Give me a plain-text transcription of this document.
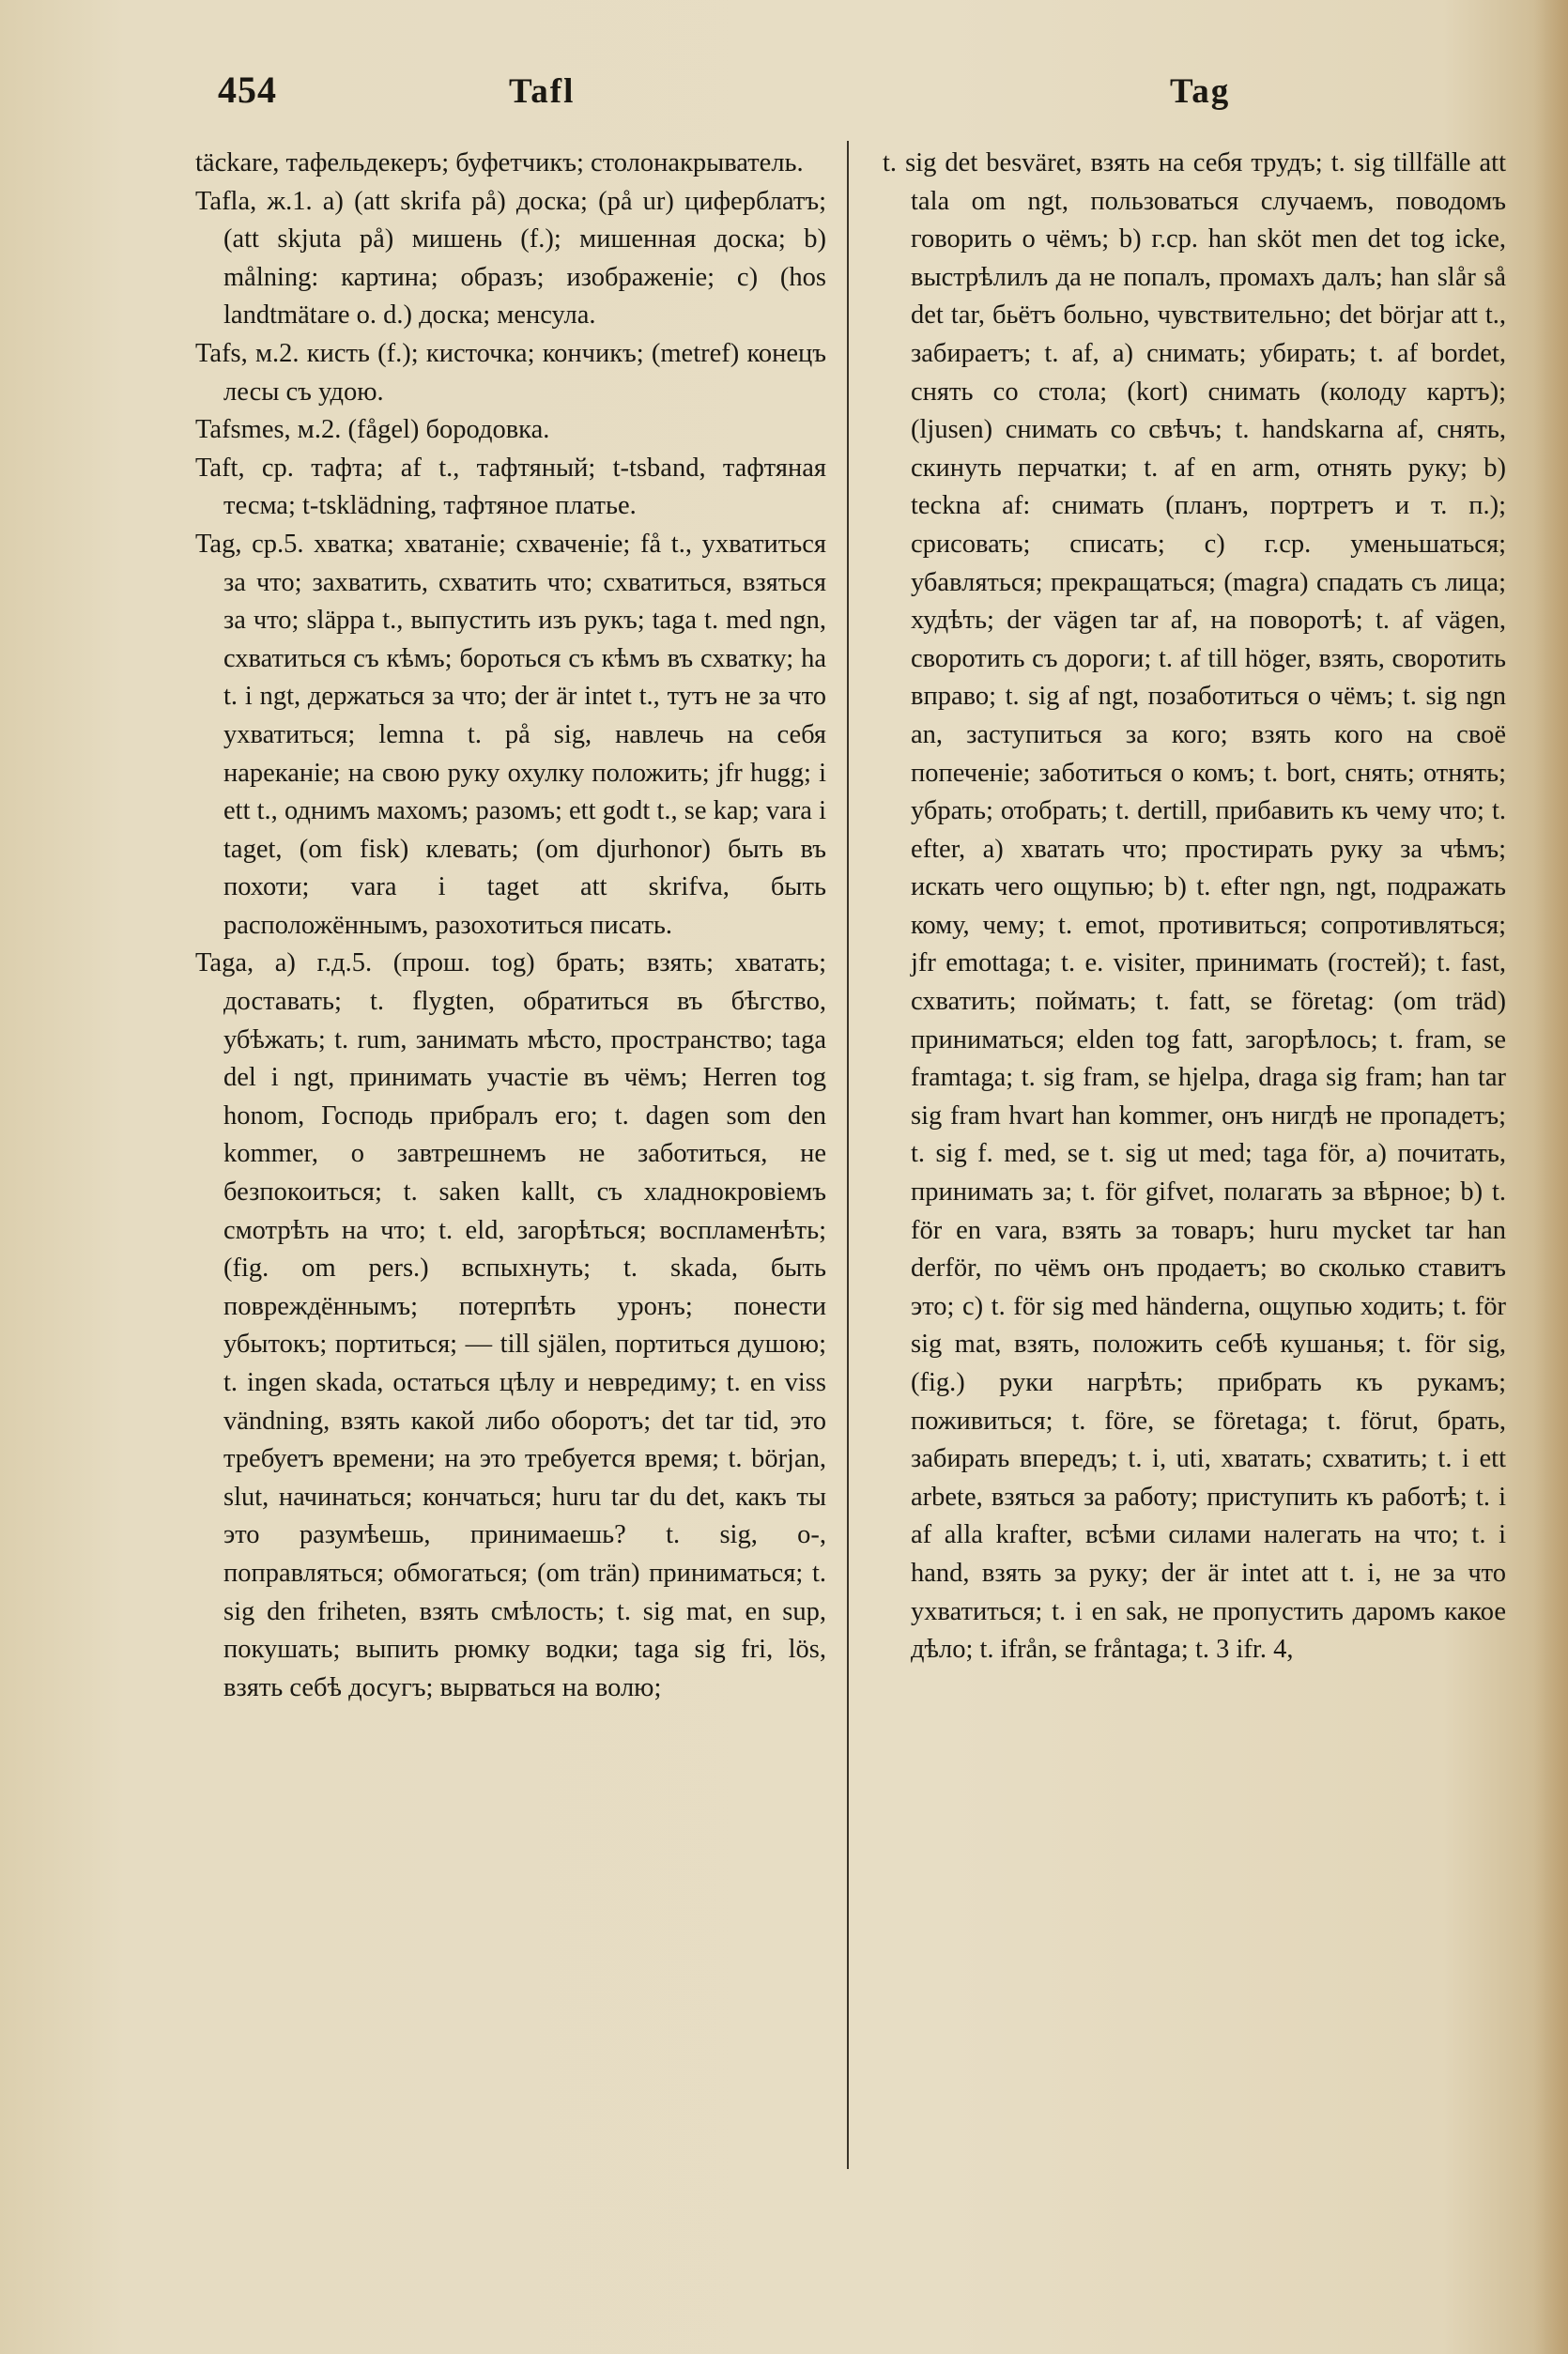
454	Tafl	Tag

täckare, тафельдекеръ; буфетчикъ; столонакрыватель.

Tafla, ж.1. a) (att skrifa på) доска; (på ur) циферблатъ; (att skjuta på) мишень (f.); мишенная доска; b) målning: картина; образъ; изображеніе; c) (hos landtmätare o. d.) доска; менсула.

Tafs, м.2. кисть (f.); кисточка; кончикъ; (metref) конецъ лесы съ удою.

Tafsmes, м.2. (fågel) бородовка.

Taft, ср. тафта; af t., тафтяный; t-tsband, тафтяная тесма; t-tsklädning, тафтяное платье.

Tag, ср.5. хватка; хватаніе; схваченіе; få t., ухватиться за что; захватить, схватить что; схватиться, взяться за что; släppa t., выпустить изъ рукъ; taga t. med ngn, схватиться съ кѣмъ; бороться съ кѣмъ въ схватку; ha t. i ngt, держаться за что; der är intet t., тутъ не за что ухватиться; lemna t. på sig, навлечь на себя нареканіе; на свою руку охулку положить; jfr hugg; i ett t., однимъ махомъ; разомъ; ett godt t., se kap; vara i taget, (om fisk) клевать; (om djurhonor) быть въ похоти; vara i taget att skrifva, быть расположённымъ, разохотиться писать.

Taga, a) г.д.5. (прош. tog) брать; взять; хватать; доставать; t. flygten, обратиться въ бѣгство, убѣжать; t. rum, занимать мѣсто, пространство; taga del i ngt, принимать участіе въ чёмъ; Herren tog honom, Господь прибралъ его; t. dagen som den kommer, о завтрешнемъ не заботиться, не безпокоиться; t. saken kallt, съ хладнокровіемъ смотрѣть на что; t. eld, загорѣться; воспламенѣть; (fig. om pers.) вспыхнуть; t. skada, быть повреждённымъ; потерпѣть уронъ; понести убытокъ; портиться; — till själen, портиться душою; t. ingen skada, остаться цѣлу и невредиму; t. en viss vändning, взять какой либо оборотъ; det tar tid, это требуетъ времени; на это требуется время; t. början, slut, начинаться; кончаться; huru tar du det, какъ ты это разумѣешь, принимаешь? t. sig, о-, поправляться; обмогаться; (om trän) приниматься; t. sig den friheten, взять смѣлость; t. sig mat, en sup, покушать; выпить рюмку водки; taga sig fri, lös, взять себѣ досугъ; вырваться на волю;

t. sig det besväret, взять на себя трудъ; t. sig tillfälle att tala om ngt, пользоваться случаемъ, поводомъ говорить о чёмъ; b) г.ср. han sköt men det tog icke, выстрѣлилъ да не попалъ, промахъ далъ; han slår så det tar, бьётъ больно, чувствительно; det börjar att t., забираетъ; t. af, a) снимать; убирать; t. af bordet, снять со стола; (kort) снимать (колоду картъ); (ljusen) снимать со свѣчъ; t. handskarna af, снять, скинуть перчатки; t. af en arm, отнять руку; b) teckna af: снимать (планъ, портретъ и т. п.); срисовать; списать; c) г.ср. уменьшаться; убавляться; прекращаться; (magra) спадать съ лица; худѣть; der vägen tar af, на поворотѣ; t. af vägen, своротить съ дороги; t. af till höger, взять, своротить вправо; t. sig af ngt, позаботиться о чёмъ; t. sig ngn an, заступиться за кого; взять кого на своё попеченіе; заботиться о комъ; t. bort, снять; отнять; убрать; отобрать; t. dertill, прибавить къ чему что; t. efter, a) хватать что; простирать руку за чѣмъ; искать чего ощупью; b) t. efter ngn, ngt, подражать кому, чему; t. emot, противиться; сопротивляться; jfr emottaga; t. e. visiter, принимать (гостей); t. fast, схватить; поймать; t. fatt, se företag: (om träd) приниматься; elden tog fatt, загорѣлось; t. fram, se framtaga; t. sig fram, se hjelpa, draga sig fram; han tar sig fram hvart han kommer, онъ нигдѣ не пропадетъ; t. sig f. med, se t. sig ut med; taga för, a) почитать, принимать за; t. för gifvet, полагать за вѣрное; b) t. för en vara, взять за товаръ; huru mycket tar han derför, по чёмъ онъ продаетъ; во сколько ставитъ это; c) t. för sig med händerna, ощупью ходить; t. för sig mat, взять, положить себѣ кушанья; t. för sig, (fig.) руки нагрѣть; прибрать къ рукамъ; поживиться; t. före, se företaga; t. förut, брать, забирать впередъ; t. i, uti, хватать; схватить; t. i ett arbete, взяться за работу; приступить къ работѣ; t. i af alla krafter, всѣми силами налегать на что; t. i hand, взять за руку; der är intet att t. i, не за что ухватиться; t. i en sak, не пропустить даромъ какое дѣло; t. ifrån, se fråntaga; t. 3 ifr. 4,
